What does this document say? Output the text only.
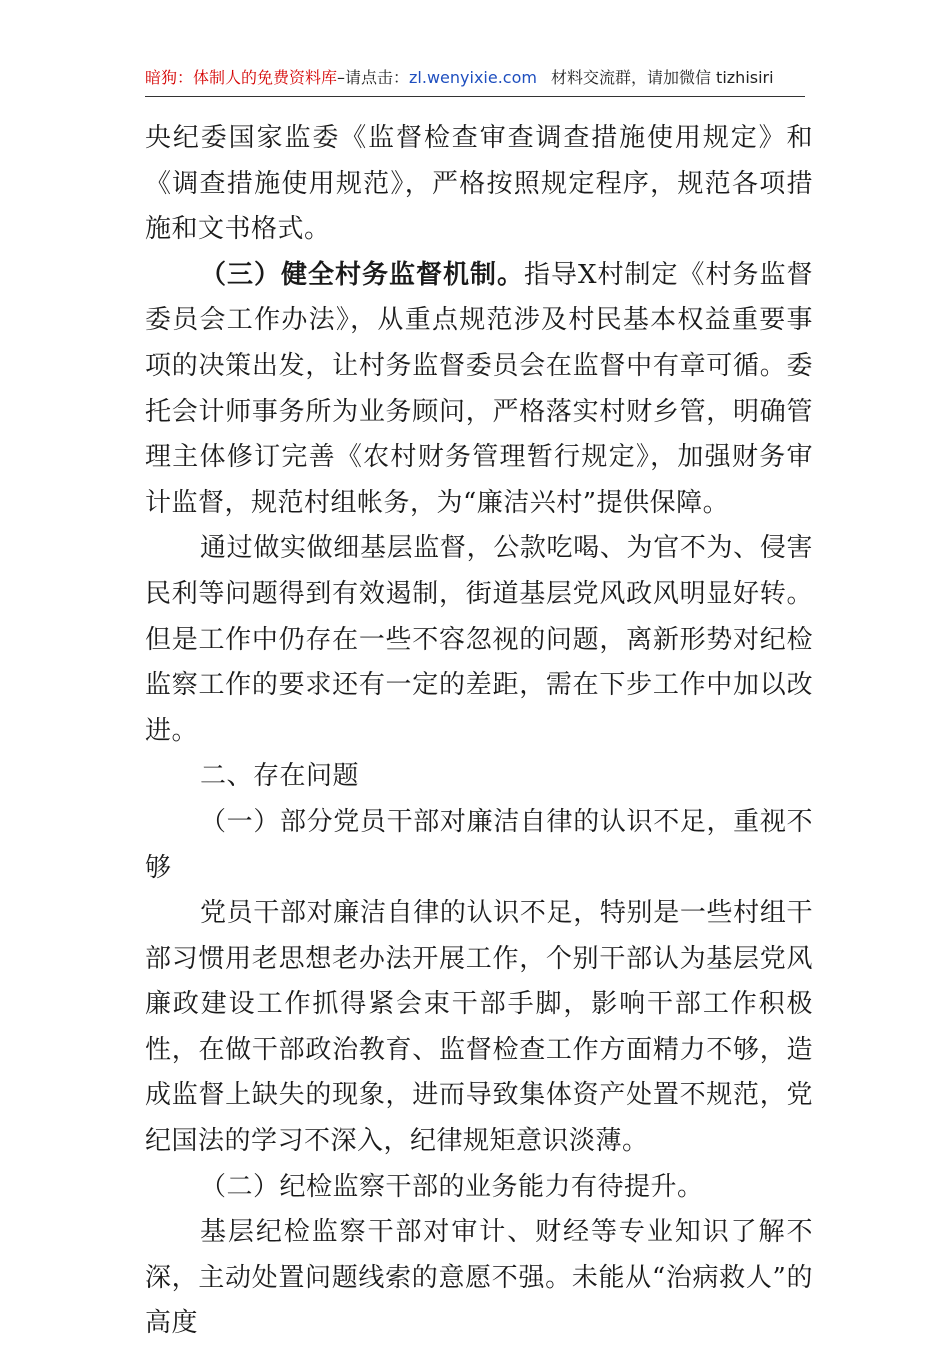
暗狗：体制人的免费资料库–请点击：zl.wenyixie.com 材料交流群，请加微信 tizhisiri

央纪委国家监委《监督检查审查调查措施使用规定》和《调查措施使用规范》，严格按照规定程序，规范各项措施和文书格式。

（三）健全村务监督机制。指导X村制定《村务监督委员会工作办法》，从重点规范涉及村民基本权益重要事项的决策出发，让村务监督委员会在监督中有章可循。委托会计师事务所为业务顾问，严格落实村财乡管，明确管理主体修订完善《农村财务管理暂行规定》，加强财务审计监督，规范村组帐务，为“廉洁兴村”提供保障。

通过做实做细基层监督，公款吃喝、为官不为、侵害民利等问题得到有效遏制，街道基层党风政风明显好转。但是工作中仍存在一些不容忽视的问题，离新形势对纪检监察工作的要求还有一定的差距，需在下步工作中加以改进。

二、存在问题

（一）部分党员干部对廉洁自律的认识不足，重视不够

党员干部对廉洁自律的认识不足，特别是一些村组干部习惯用老思想老办法开展工作，个别干部认为基层党风廉政建设工作抓得紧会束干部手脚，影响干部工作积极性，在做干部政治教育、监督检查工作方面精力不够，造成监督上缺失的现象，进而导致集体资产处置不规范，党纪国法的学习不深入，纪律规矩意识淡薄。

（二）纪检监察干部的业务能力有待提升。

基层纪检监察干部对审计、财经等专业知识了解不深，主动处置问题线索的意愿不强。未能从“治病救人”的高度
